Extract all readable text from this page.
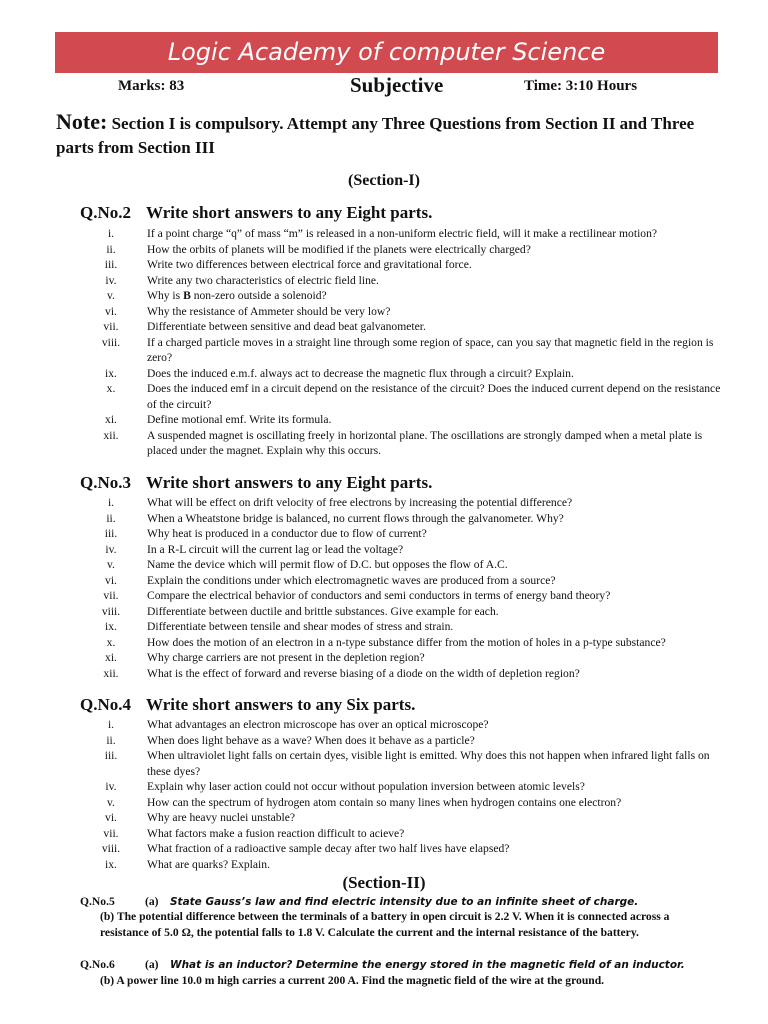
Logic Academy of computer Science
Marks: 83	Subjective	Time: 3:10 Hours
Note: Section I is compulsory. Attempt any Three Questions from Section II and Three parts from Section III
(Section-I)
Q.No.2 Write short answers to any Eight parts.
i.	If a point charge “q” of mass “m” is released in a non-uniform electric field, will it make a rectilinear motion?
ii.	How the orbits of planets will be modified if the planets were electrically charged?
iii.	Write two differences between electrical force and gravitational force.
iv.	Write any two characteristics of electric field line.
v.	Why is B non-zero outside a solenoid?
vi.	Why the resistance of Ammeter should be very low?
vii.	Differentiate between sensitive and dead beat galvanometer.
viii.	If a charged particle moves in a straight line through some region of space, can you say that magnetic field in the region is zero?
ix.	Does the induced e.m.f. always act to decrease the magnetic flux through a circuit? Explain.
x.	Does the induced emf in a circuit depend on the resistance of the circuit? Does the induced current depend on the resistance of the circuit?
xi.	Define motional emf. Write its formula.
xii.	A suspended magnet is oscillating freely in horizontal plane. The oscillations are strongly damped when a metal plate is placed under the magnet. Explain why this occurs.
Q.No.3 Write short answers to any Eight parts.
i.	What will be effect on drift velocity of free electrons by increasing the potential difference?
ii.	When a Wheatstone bridge is balanced, no current flows through the galvanometer. Why?
iii.	Why heat is produced in a conductor due to flow of current?
iv.	In a R-L circuit will the current lag or lead the voltage?
v.	Name the device which will permit flow of D.C. but opposes the flow of A.C.
vi.	Explain the conditions under which electromagnetic waves are produced from a source?
vii.	Compare the electrical behavior of conductors and semi conductors in terms of energy band theory?
viii.	Differentiate between ductile and brittle substances. Give example for each.
ix.	Differentiate between tensile and shear modes of stress and strain.
x.	How does the motion of an electron in a n-type substance differ from the motion of holes in a p-type substance?
xi.	Why charge carriers are not present in the depletion region?
xii.	What is the effect of forward and reverse biasing of a diode on the width of depletion region?
Q.No.4 Write short answers to any Six parts.
i.	What advantages an electron microscope has over an optical microscope?
ii.	When does light behave as a wave? When does it behave as a particle?
iii.	When ultraviolet light falls on certain dyes, visible light is emitted. Why does this not happen when infrared light falls on these dyes?
iv.	Explain why laser action could not occur without population inversion between atomic levels?
v.	How can the spectrum of hydrogen atom contain so many lines when hydrogen contains one electron?
vi.	Why are heavy nuclei unstable?
vii.	What factors make a fusion reaction difficult to acieve?
viii.	What fraction of a radioactive sample decay after two half lives have elapsed?
ix.	What are quarks? Explain.
(Section-II)
Q.No.5	(a) State Gauss’s law and find electric intensity due to an infinite sheet of charge.
(b) The potential difference between the terminals of a battery in open circuit is 2.2 V. When it is connected across a resistance of 5.0 Ω, the potential falls to 1.8 V. Calculate the current and the internal resistance of the battery.
Q.No.6	(a) What is an inductor? Determine the energy stored in the magnetic field of an inductor.
(b) A power line 10.0 m high carries a current 200 A. Find the magnetic field of the wire at the ground.
